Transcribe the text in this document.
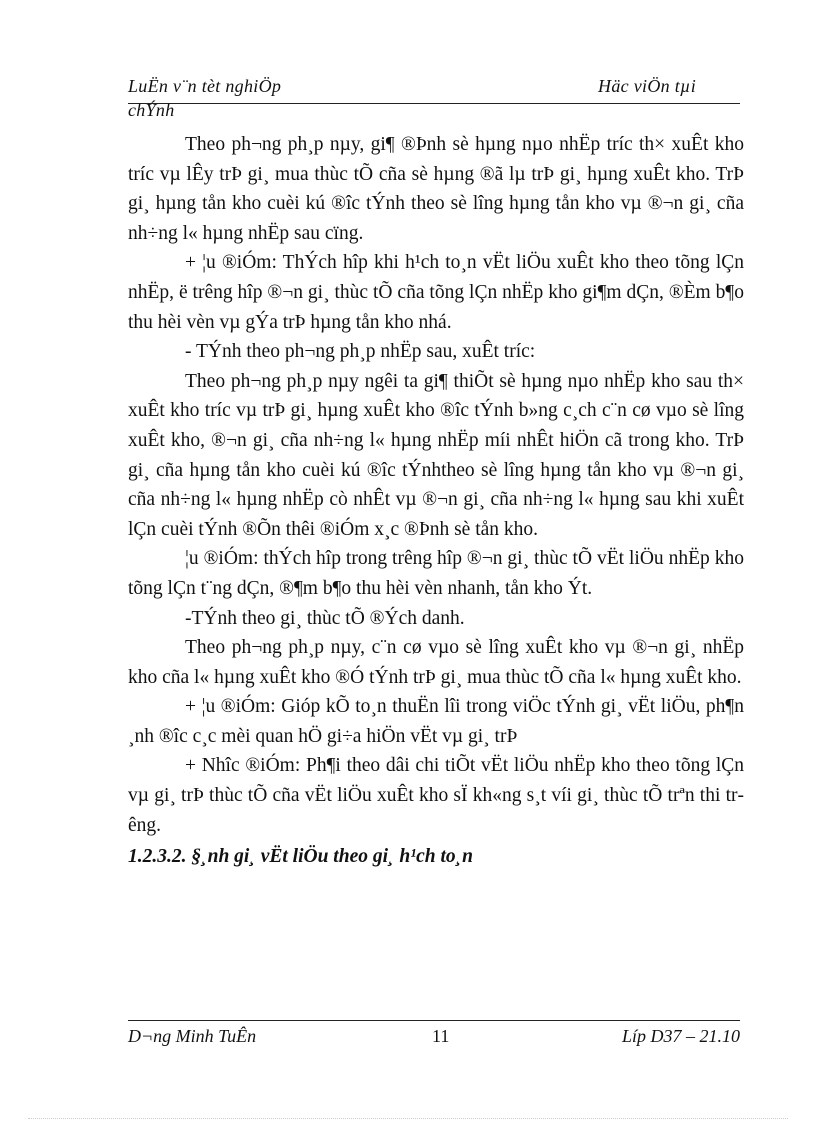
LuËn v¨n tèt nghiÖp	Häc viÖn tµi
chÝnh

Theo ph¬ng ph¸p nµy, gi¶ ®Þnh sè hµng nµo nhËp tríc th× xuÊt kho tríc vµ lÊy trÞ gi¸ mua thùc tÕ cña sè hµng ®ã lµ trÞ gi¸ hµng xuÊt kho. TrÞ gi¸ hµng tån kho cuèi kú ®îc tÝnh theo sè lîng hµng tån kho vµ ®¬n gi¸ cña nh÷ng l« hµng nhËp sau cïng.

+ ¦u ®iÓm: ThÝch hîp khi h¹ch to¸n vËt liÖu xuÊt kho theo tõng lÇn nhËp, ë trêng hîp ®¬n gi¸ thùc tÕ cña tõng lÇn nhËp kho gi¶m dÇn, ®Èm b¶o thu hèi vèn vµ gÝa trÞ hµng tån kho nhá.

- TÝnh theo ph¬ng ph¸p nhËp sau, xuÊt tríc:

Theo ph¬ng ph¸p nµy ngêi ta gi¶ thiÕt sè hµng nµo nhËp kho sau th× xuÊt kho tríc vµ trÞ gi¸ hµng xuÊt kho ®îc tÝnh b»ng c¸ch c¨n cø vµo sè lîng xuÊt kho, ®¬n gi¸ cña nh÷ng l« hµng nhËp míi nhÊt hiÖn cã trong kho. TrÞ gi¸ cña hµng tån kho cuèi kú ®îc tÝnhtheo sè lîng hµng tån kho vµ ®¬n gi¸ cña nh÷ng l« hµng nhËp cò nhÊt vµ ®¬n gi¸ cña nh÷ng l« hµng sau khi xuÊt lÇn cuèi tÝnh ®Õn thêi ®iÓm x¸c ®Þnh sè tån kho.

¦u ®iÓm: thÝch hîp trong trêng hîp ®¬n gi¸ thùc tÕ vËt liÖu nhËp kho tõng lÇn t¨ng dÇn, ®¶m b¶o thu hèi vèn nhanh, tån kho Ýt.

-TÝnh theo gi¸ thùc tÕ ®Ých danh.

Theo ph¬ng ph¸p nµy, c¨n cø vµo sè lîng xuÊt kho vµ ®¬n gi¸ nhËp kho cña l« hµng xuÊt kho ®Ó tÝnh trÞ gi¸ mua thùc tÕ cña l« hµng xuÊt kho.

+ ¦u ®iÓm: Gióp kÕ to¸n thuËn lîi trong viÖc tÝnh gi¸ vËt liÖu, ph¶n ¸nh ®îc c¸c mèi quan hÖ gi÷a hiÖn vËt vµ gi¸ trÞ

+ Nhîc ®iÓm: Ph¶i theo dâi chi tiÕt vËt liÖu nhËp kho theo tõng lÇn vµ gi¸ trÞ thùc tÕ cña vËt liÖu xuÊt kho sÏ kh«ng s¸t víi gi¸ thùc tÕ trªn thi trêng.

1.2.3.2. §¸nh gi¸ vËt liÖu theo gi¸ h¹ch to¸n

D¬ng Minh TuÊn	11	Líp D37 – 21.10
